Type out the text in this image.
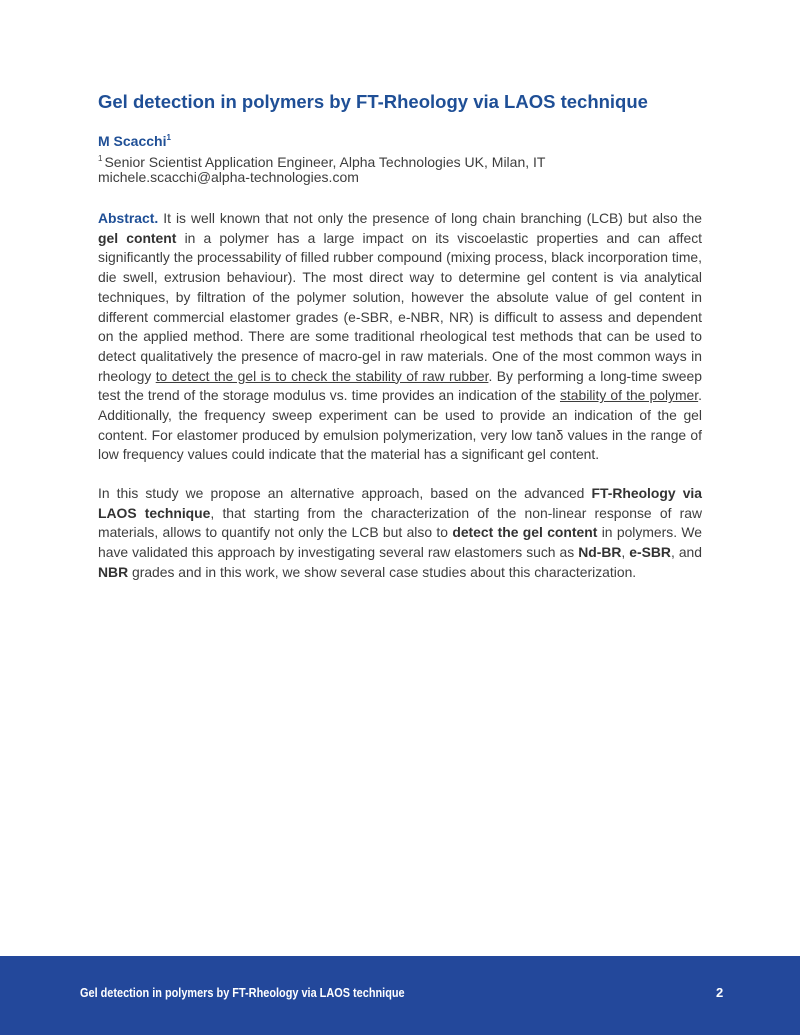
Gel detection in polymers by FT-Rheology via LAOS technique
M Scacchi$^1$
$^1$ Senior Scientist Application Engineer, Alpha Technologies UK, Milan, IT
michele.scacchi@alpha-technologies.com

Abstract. It is well known that not only the presence of long chain branching (LCB) but also the gel content in a polymer has a large impact on its viscoelastic properties and can affect significantly the processability of filled rubber compound (mixing process, black incorporation time, die swell, extrusion behaviour). The most direct way to determine gel content is via analytical techniques, by filtration of the polymer solution, however the absolute value of gel content in different commercial elastomer grades (e-SBR, e-NBR, NR) is difficult to assess and dependent on the applied method. There are some traditional rheological test methods that can be used to detect qualitatively the presence of macro-gel in raw materials. One of the most common ways in rheology to detect the gel is to check the stability of raw rubber. By performing a long-time sweep test the trend of the storage modulus vs. time provides an indication of the stability of the polymer. Additionally, the frequency sweep experiment can be used to provide an indication of the gel content. For elastomer produced by emulsion polymerization, very low tanδ values in the range of low frequency values could indicate that the material has a significant gel content.

In this study we propose an alternative approach, based on the advanced FT-Rheology via LAOS technique, that starting from the characterization of the non-linear response of raw materials, allows to quantify not only the LCB but also to detect the gel content in polymers. We have validated this approach by investigating several raw elastomers such as Nd-BR, e-SBR, and NBR grades and in this work, we show several case studies about this characterization.

Gel detection in polymers by FT-Rheology via LAOS technique	2
